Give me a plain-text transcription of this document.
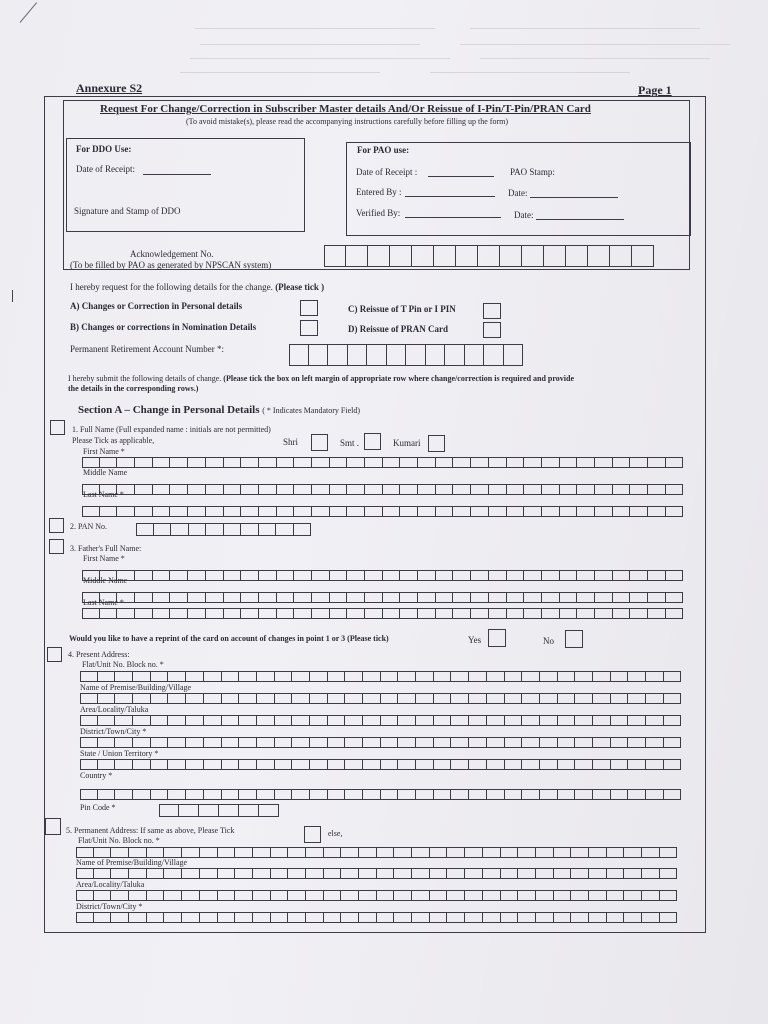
Annexure S2	Page 1
Request For Change/Correction in Subscriber Master details And/Or Reissue of I-Pin/T-Pin/PRAN Card
(To avoid mistake(s), please read the accompanying instructions carefully before filling up the form)
For DDO Use:
Date of Receipt:
Signature and Stamp of DDO
For PAO use:
Date of Receipt :	PAO Stamp:
Entered By :	Date:
Verified By:	Date:
Acknowledgement No.
(To be filled by PAO as generated by NPSCAN system)
I hereby request for the following details for the change. (Please tick )
A) Changes or Correction in Personal details
B) Changes or corrections in Nomination Details
C) Reissue of T Pin or I PIN
D) Reissue of PRAN Card
Permanent Retirement Account Number *:
I hereby submit the following details of change. (Please tick the box on left margin of appropriate row where change/correction is required and provide
the details in the corresponding rows.)
Section A – Change in Personal Details ( * Indicates Mandatory Field)
1. Full Name (Full expanded name : initials are not permitted)
Please Tick as applicable,	Shri	Smt .	Kumari
First Name *
Middle Name
Last Name *
2. PAN No.
3. Father's Full Name:
First Name *
Middle Name
Last Name *
Would you like to have a reprint of the card on account of changes in point 1 or 3 (Please tick)	Yes	No
4. Present Address:
Flat/Unit No. Block no. *
Name of Premise/Building/Village
Area/Locality/Taluka
District/Town/City *
State / Union Territory *
Country *
Pin Code *
5. Permanent Address: If same as above, Please Tick	else,
Flat/Unit No. Block no. *
Name of Premise/Building/Village
Area/Locality/Taluka
District/Town/City *
